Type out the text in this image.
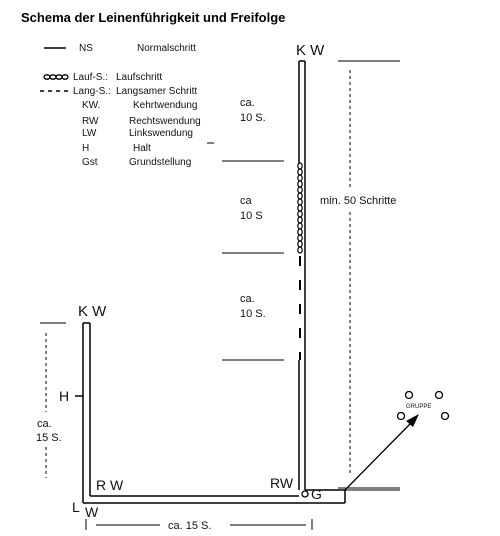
Schema der Leinenführigkeit und Freifolge
NS	Normalschritt
Lauf-S.: Laufschritt
Lang-S.: Langsamer Schritt
KW.	Kehrtwendung
RW	Rechtswendung
LW	Linkswendung
H	Halt
Gst	Grundstellung
ca.
10 S.
ca
10 S
ca.
10 S.
K W
min. 50 Schritte
K W
H
ca.
15 S.
R W	RW
G
L W
ca. 15 S.
GRUPPE
